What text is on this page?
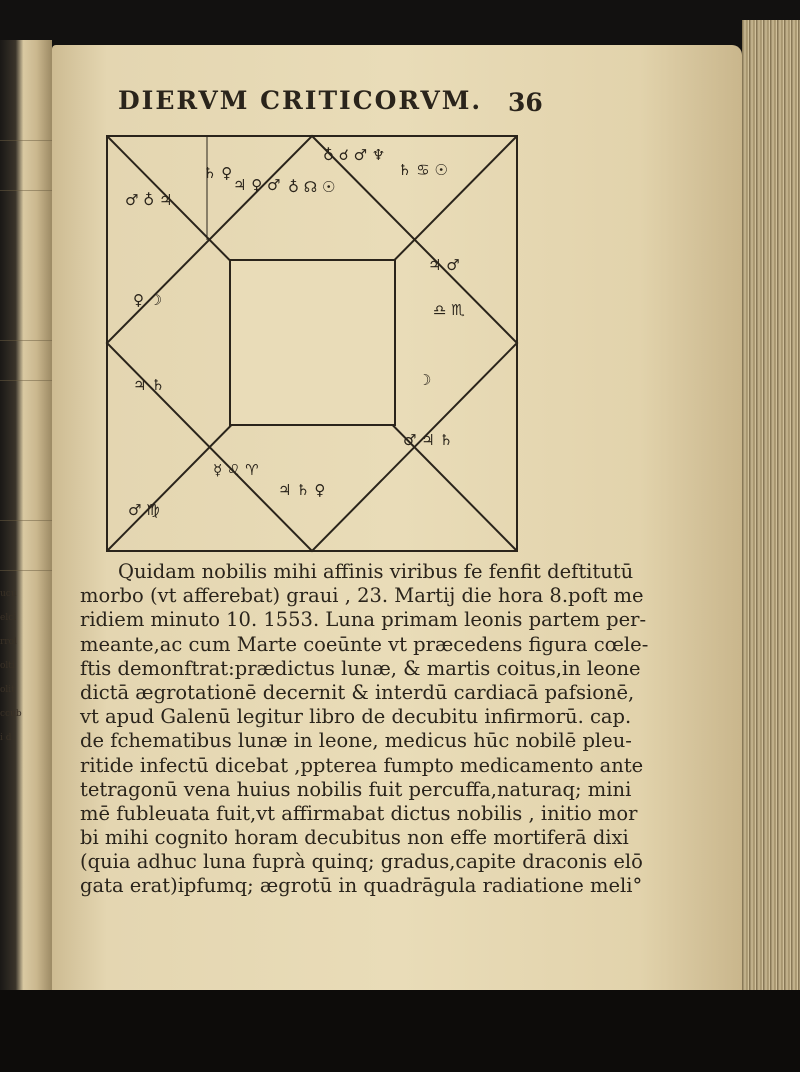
ucu
elci
rrol
olti
olit
ccub
i d
DIERVM CRITICORVM. 36
♁ ☌ ♂ ♆
♄ ♋ ☉
♄ ♀
♃ ♀ ♂ ♁ ☊ ☉
♂ ♁ ♃
♃ ♂
♎ ♏
♀ ☽
☽
♃ ♄
♂ ♃ ♄
☿ ♌ ♈
♃ ♄ ♀
♂ ♍
Quidam nobilis mihi affinis viribus fe fenfit deftitutū
morbo (vt afferebat) graui , 23. Martij die hora 8.poft me
ridiem minuto 10. 1553. Luna primam leonis partem per-
meante,ac cum Marte coeūnte vt præcedens figura cœle-
ftis demonftrat:prædictus lunæ, & martis coitus,in leone
dictā ægrotationē decernit & interdū cardiacā pafsionē,
vt apud Galenū legitur libro de decubitu infirmorū. cap.
de fchematibus lunæ in leone, medicus hūc nobilē pleu-
ritide infectū dicebat ,ppterea fumpto medicamento ante
tetragonū vena huius nobilis fuit percuffa,naturaq; mini
mē fubleuata fuit,vt affirmabat dictus nobilis , initio mor
bi mihi cognito horam decubitus non effe mortiferā dixi
(quia adhuc luna fuprà quinq; gradus,capite draconis elō
gata erat)ipfumq; ægrotū in quadrāgula radiatione meli°
